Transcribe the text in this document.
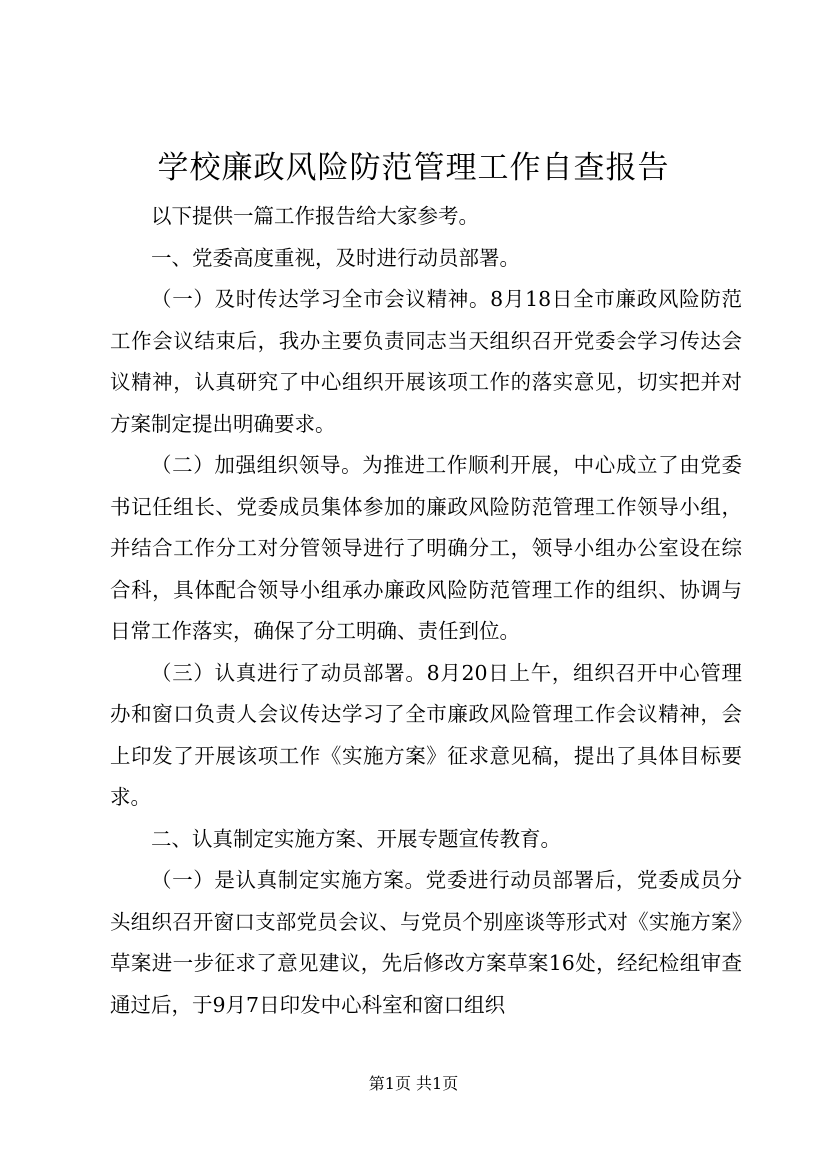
学校廉政风险防范管理工作自查报告

以下提供一篇工作报告给大家参考。

一、党委高度重视，及时进行动员部署。

（一）及时传达学习全市会议精神。8月18日全市廉政风险防范工作会议结束后，我办主要负责同志当天组织召开党委会学习传达会议精神，认真研究了中心组织开展该项工作的落实意见，切实把并对方案制定提出明确要求。

（二）加强组织领导。为推进工作顺利开展，中心成立了由党委书记任组长、党委成员集体参加的廉政风险防范管理工作领导小组，并结合工作分工对分管领导进行了明确分工，领导小组办公室设在综合科，具体配合领导小组承办廉政风险防范管理工作的组织、协调与日常工作落实，确保了分工明确、责任到位。

（三）认真进行了动员部署。8月20日上午，组织召开中心管理办和窗口负责人会议传达学习了全市廉政风险管理工作会议精神，会上印发了开展该项工作《实施方案》征求意见稿，提出了具体目标要求。

二、认真制定实施方案、开展专题宣传教育。

（一）是认真制定实施方案。党委进行动员部署后，党委成员分头组织召开窗口支部党员会议、与党员个别座谈等形式对《实施方案》草案进一步征求了意见建议，先后修改方案草案16处，经纪检组审查通过后，于9月7日印发中心科室和窗口组织

第1页 共1页
